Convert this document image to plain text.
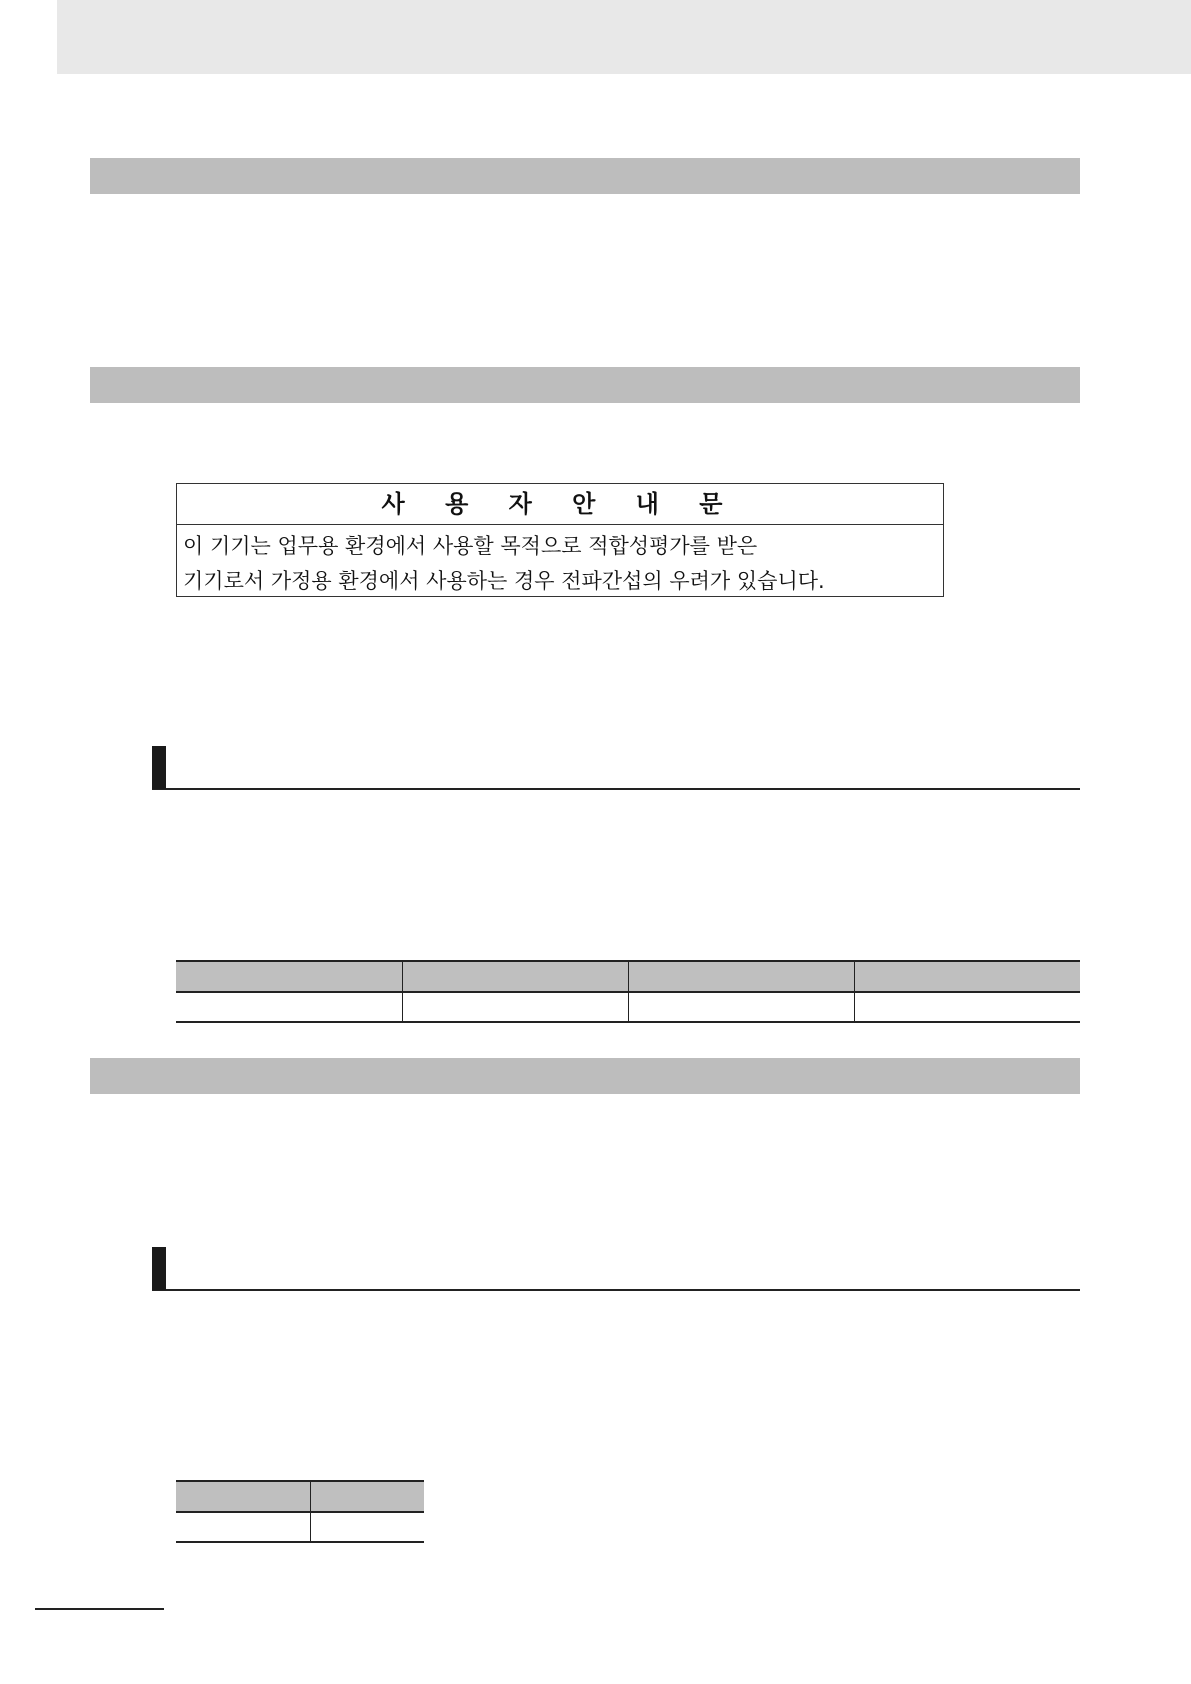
사 용 자 안 내 문
이 기기는 업무용 환경에서 사용할 목적으로 적합성평가를 받은
기기로서 가정용 환경에서 사용하는 경우 전파간섭의 우려가 있습니다.
